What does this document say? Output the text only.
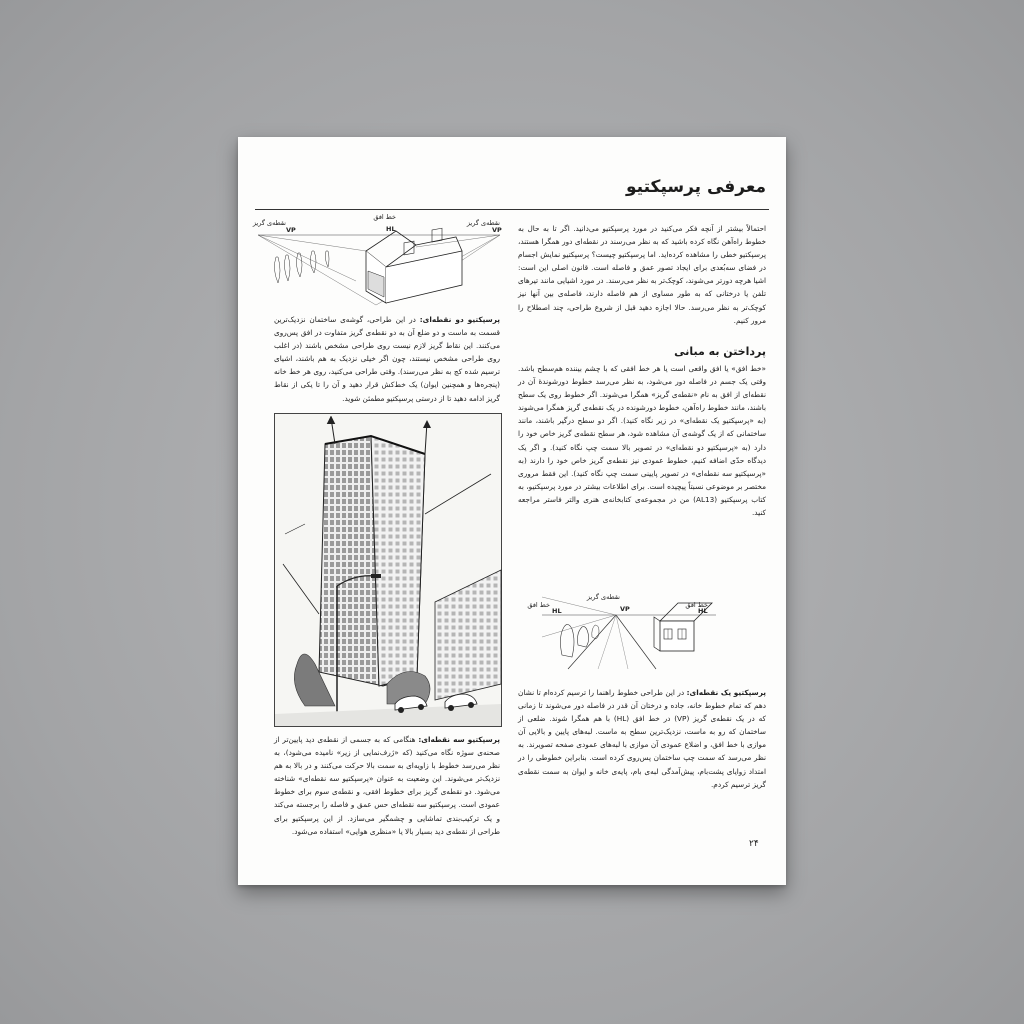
معرفی پرسپکتیو

احتمالاً بیشتر از آنچه فکر می‌کنید در مورد پرسپکتیو می‌دانید. اگر تا به حال به خطوط راه‌آهن نگاه کرده باشید که به نظر می‌رسند در نقطه‌ای دور همگرا هستند، پرسپکتیو خطی را مشاهده کرده‌اید. اما پرسپکتیو چیست؟ پرسپکتیو نمایش اجسام در فضای سه‌بُعدی برای ایجاد تصور عمق و فاصله است. قانون اصلی این است: اشیا هرچه دورتر می‌شوند، کوچک‌تر به نظر می‌رسند. در مورد اشیایی مانند تیرهای تلفن یا درختانی که به طور مساوی از هم فاصله دارند، فاصله‌ی بین آنها نیز کوچک‌تر به نظر می‌رسد. حالا اجازه دهید قبل از شروع طراحی، چند اصطلاح را مرور کنیم.

پرداختن به مبانی

«خط افق» یا افق واقعی است یا هر خط افقی که با چشم بیننده هم‌سطح باشد. وقتی یک جسم در فاصله دور می‌شود، به نظر می‌رسد خطوط دورشوندهٔ آن در نقطه‌ای از افق به نام «نقطه‌ی گریز» همگرا می‌شوند. اگر خطوط روی یک سطح باشند، مانند خطوط راه‌آهن، خطوط دورشونده در یک نقطه‌ی گریز همگرا می‌شوند (به «پرسپکتیو یک نقطه‌ای» در زیر نگاه کنید). اگر دو سطح درگیر باشند، مانند ساختمانی که از یک گوشه‌ی آن مشاهده شود، هر سطح نقطه‌ی گریز خاص خود را دارد (به «پرسپکتیو دو نقطه‌ای» در تصویر بالا سمت چپ نگاه کنید). و اگر یک دیدگاه حدّی اضافه کنیم، خطوط عمودی نیز نقطه‌ی گریز خاص خود را دارند (به «پرسپکتیو سه نقطه‌ای» در تصویر پایینی سمت چپ نگاه کنید). این فقط مروری مختصر بر موضوعی نسبتاً پیچیده است. برای اطلاعات بیشتر در مورد پرسپکتیو، به کتاب پرسپکتیو (AL13) من در مجموعه‌ی کتابخانه‌ی هنری والتر فاستر مراجعه کنید.

خط افق
HL
نقطه‌ی گریز
VP	خط افق
HL

پرسپکتیو یک نقطه‌ای: در این طراحی خطوط راهنما را ترسیم کرده‌ام تا نشان دهم که تمام خطوط خانه، جاده و درختان آن قدر در فاصله دور می‌شوند تا زمانی که در یک نقطه‌ی گریز (VP) در خط افق (HL) با هم همگرا شوند. ضلعی از ساختمان که رو به ماست، نزدیک‌ترین سطح به ماست. لبه‌های پایین و بالایی آن موازی با خط افق، و اضلاع عمودی آن موازی با لبه‌های عمودی صفحه تصویرند. به نظر می‌رسد که سمت چپ ساختمان پس‌روی کرده است. بنابراین خطوطی را در امتداد زوایای پشت‌بام، پیش‌آمدگی لبه‌ی بام، پایه‌ی خانه و ایوان به سمت نقطه‌ی گریز ترسیم کردم.

نقطه‌ی گریز
VP
خط افق
HL
نقطه‌ی گریز
VP

پرسپکتیو دو نقطه‌ای: در این طراحی، گوشه‌ی ساختمان نزدیک‌ترین قسمت به ماست و دو ضلع آن به دو نقطه‌ی گریز متفاوت در افق پس‌روی می‌کنند. این نقاط گریز لازم نیست روی طراحی مشخص باشند (در اغلب روی طراحی مشخص نیستند، چون اگر خیلی نزدیک به هم باشند، اشیای ترسیم شده کج به نظر می‌رسند). وقتی طراحی می‌کنید، روی هر خط خانه (پنجره‌ها و همچنین ایوان) یک خط‌کش قرار دهید و آن را تا یکی از نقاط گریز ادامه دهید تا از درستی پرسپکتیو مطمئن شوید.

پرسپکتیو سه نقطه‌ای: هنگامی که به جسمی از نقطه‌ی دید پایین‌تر از صحنه‌ی سوژه نگاه می‌کنید (که «ژرف‌نمایی از زیر» نامیده می‌شود)، به نظر می‌رسد خطوط با زاویه‌ای به سمت بالا حرکت می‌کنند و در بالا به هم نزدیک‌تر می‌شوند. این وضعیت به عنوان «پرسپکتیو سه نقطه‌ای» شناخته می‌شود. دو نقطه‌ی گریز برای خطوط افقی، و نقطه‌ی سوم برای خطوط عمودی است. پرسپکتیو سه نقطه‌ای حس عمق و فاصله را برجسته می‌کند و یک ترکیب‌بندی تماشایی و چشمگیر می‌سازد. از این پرسپکتیو برای طراحی از نقطه‌ی دید بسیار بالا یا «منظری هوایی» استفاده می‌شود.

۲۴
